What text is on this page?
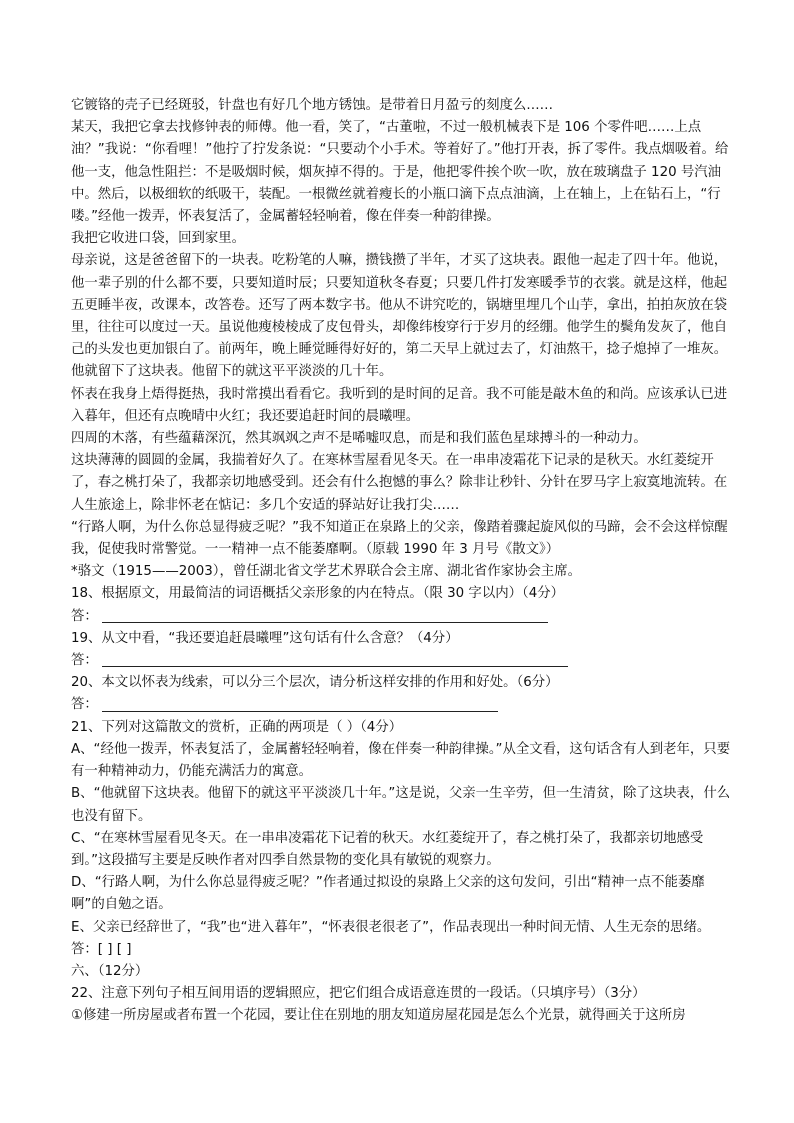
它镀铬的壳子已经斑驳，针盘也有好几个地方锈蚀。是带着日月盈亏的刻度么……

某天，我把它拿去找修钟表的师傅。他一看，笑了，“古董啦，不过一般机械表下是 106 个零件吧……上点油？”我说：“你看哩！”他拧了拧发条说：“只要动个小手术。等着好了。”他打开表，拆了零件。我点烟吸着。给他一支，他急性阻拦：不是吸烟时候，烟灰掉不得的。于是，他把零件挨个吹一吹，放在玻璃盘子 120 号汽油中。然后，以极细软的纸吸干，装配。一根微丝就着瘦长的小瓶口滴下点点油滴，上在轴上，上在钻石上，“行喽。”经他一拨弄，怀表复活了，金属蓄轻轻响着，像在伴奏一种韵律操。

我把它收进口袋，回到家里。

母亲说，这是爸爸留下的一块表。吃粉笔的人嘛，攒钱攒了半年，才买了这块表。跟他一起走了四十年。他说，他一辈子别的什么都不要，只要知道时辰；只要知道秋冬春夏；只要几件打发寒暖季节的衣裳。就是这样，他起五更睡半夜，改课本，改答卷。还写了两本数字书。他从不讲究吃的，锅塘里埋几个山芋，拿出，拍拍灰放在袋里，往往可以度过一天。虽说他瘦棱棱成了皮包骨头，却像纬梭穿行于岁月的经绷。他学生的鬓角发灰了，他自己的头发也更加银白了。前两年，晚上睡觉睡得好好的，第二天早上就过去了，灯油熬干，捻子熄掉了一堆灰。他就留下了这块表。他留下的就这平平淡淡的几十年。

怀表在我身上焐得挺热，我时常摸出看看它。我听到的是时间的足音。我不可能是敲木鱼的和尚。应该承认已进入暮年，但还有点晚晴中火红；我还要追赶时间的晨曦哩。

四周的木落，有些蕴藉深沉，然其飒飒之声不是唏嘘叹息，而是和我们蓝色星球搏斗的一种动力。

这块薄薄的圆圆的金属，我揣着好久了。在寒林雪屋看见冬天。在一串串凌霜花下记录的是秋天。水红菱绽开了，春之桃打朵了，我都亲切地感受到。还会有什么抱憾的事么？除非让秒针、分针在罗马字上寂寞地流转。在人生旅途上，除非怀老在惦记：多几个安适的驿站好让我打尖……

“行路人啊，为什么你总显得疲乏呢？”我不知道正在泉路上的父亲，像踏着骤起旋风似的马蹄，会不会这样惊醒我，促使我时常警觉。一一精神一点不能萎靡啊。（原载 1990 年 3 月号《散文》）

*骆文（1915——2003），曾任湖北省文学艺术界联合会主席、湖北省作家协会主席。

18、根据原文，用最简洁的词语概括父亲形象的内在特点。（限 30 字以内）（4分）

答：

19、从文中看，“我还要追赶晨曦哩”这句话有什么含意？（4分）

答：

20、本文以怀表为线索，可以分三个层次，请分析这样安排的作用和好处。（6分）

答：

21、下列对这篇散文的赏析，正确的两项是（ ）（4分）

A、“经他一拨弄，怀表复活了，金属蓄轻轻响着，像在伴奏一种韵律操。”从全文看，这句话含有人到老年，只要有一种精神动力，仍能充满活力的寓意。

B、“他就留下这块表。他留下的就这平平淡淡几十年。”这是说，父亲一生辛劳，但一生清贫，除了这块表，什么也没有留下。

C、“在寒林雪屋看见冬天。在一串串凌霜花下记着的秋天。水红菱绽开了，春之桃打朵了，我都亲切地感受到。”这段描写主要是反映作者对四季自然景物的变化具有敏锐的观察力。

D、“行路人啊，为什么你总显得疲乏呢？”作者通过拟设的泉路上父亲的这句发问，引出“精神一点不能萎靡啊”的自勉之语。

E、父亲已经辞世了，“我”也“进入暮年”，“怀表很老很老了”，作品表现出一种时间无情、人生无奈的思绪。答：[ ] [ ]

六、（12分）

22、注意下列句子相互间用语的逻辑照应，把它们组合成语意连贯的一段话。（只填序号）（3分）

①修建一所房屋或者布置一个花园，要让住在别地的朋友知道房屋花园是怎么个光景，就得画关于这所房
